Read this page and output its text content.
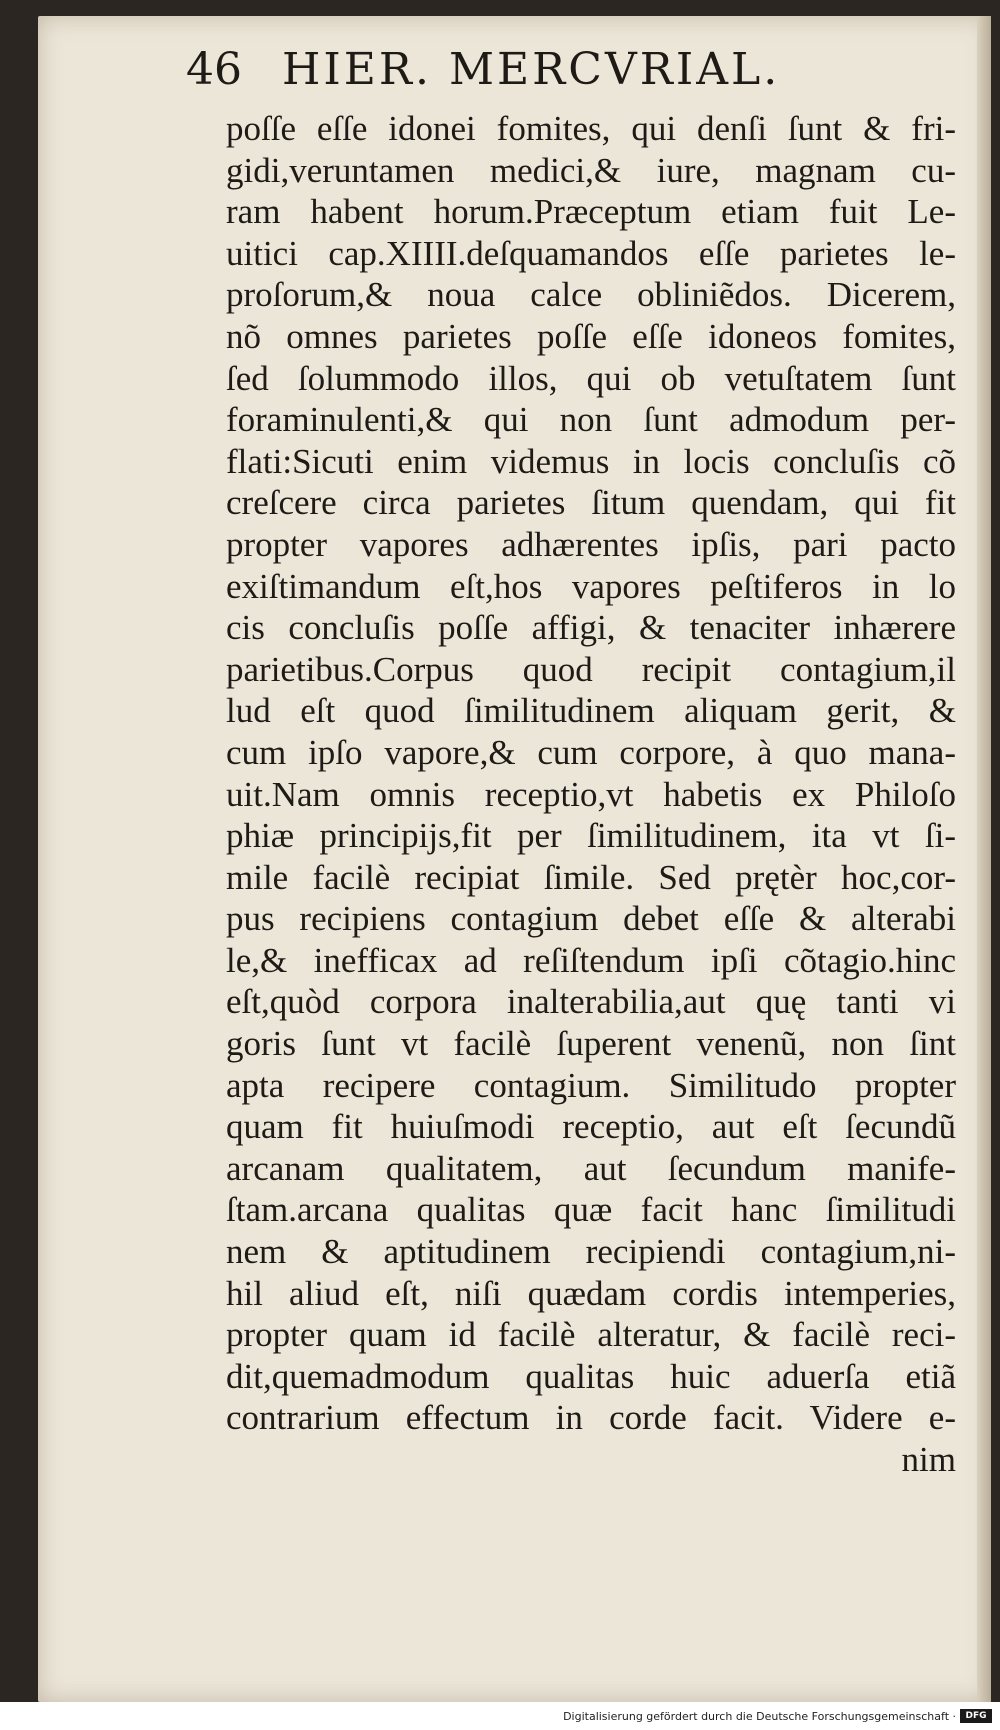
46 HIER. MERCVRIAL.
poſſe eſſe idonei fomites, qui denſi ſunt & fri-
gidi,veruntamen medici,& iure, magnam cu-
ram habent horum.Præceptum etiam fuit Le-
uitici cap.XIIII.deſquamandos eſſe parietes le-
proſorum,& noua calce obliniẽdos. Dicerem,
nõ omnes parietes poſſe eſſe idoneos fomites,
ſed ſolummodo illos, qui ob vetuſtatem ſunt
foraminulenti,& qui non ſunt admodum per-
flati:Sicuti enim videmus in locis concluſis cõ
creſcere circa parietes ſitum quendam, qui fit
propter vapores adhærentes ipſis, pari pacto
exiſtimandum eſt,hos vapores peſtiferos in lo
cis concluſis poſſe affigi, & tenaciter inhærere
parietibus.Corpus quod recipit contagium,il
lud eſt quod ſimilitudinem aliquam gerit, &
cum ipſo vapore,& cum corpore, à quo mana-
uit.Nam omnis receptio,vt habetis ex Philoſo
phiæ principijs,fit per ſimilitudinem, ita vt ſi-
mile facilè recipiat ſimile. Sed prętèr hoc,cor-
pus recipiens contagium debet eſſe & alterabi
le,& inefficax ad reſiſtendum ipſi cõtagio.hinc
eſt,quòd corpora inalterabilia,aut quę tanti vi
goris ſunt vt facilè ſuperent venenũ, non ſint
apta recipere contagium. Similitudo propter
quam fit huiuſmodi receptio, aut eſt ſecundũ
arcanam qualitatem, aut ſecundum manife-
ſtam.arcana qualitas quæ facit hanc ſimilitudi
nem & aptitudinem recipiendi contagium,ni-
hil aliud eſt, niſi quædam cordis intemperies,
propter quam id facilè alteratur, & facilè reci-
dit,quemadmodum qualitas huic aduerſa etiã
contrarium effectum in corde facit. Videre e-
nim
Digitalisierung gefördert durch die Deutsche Forschungsgemeinschaft ·	DFG
